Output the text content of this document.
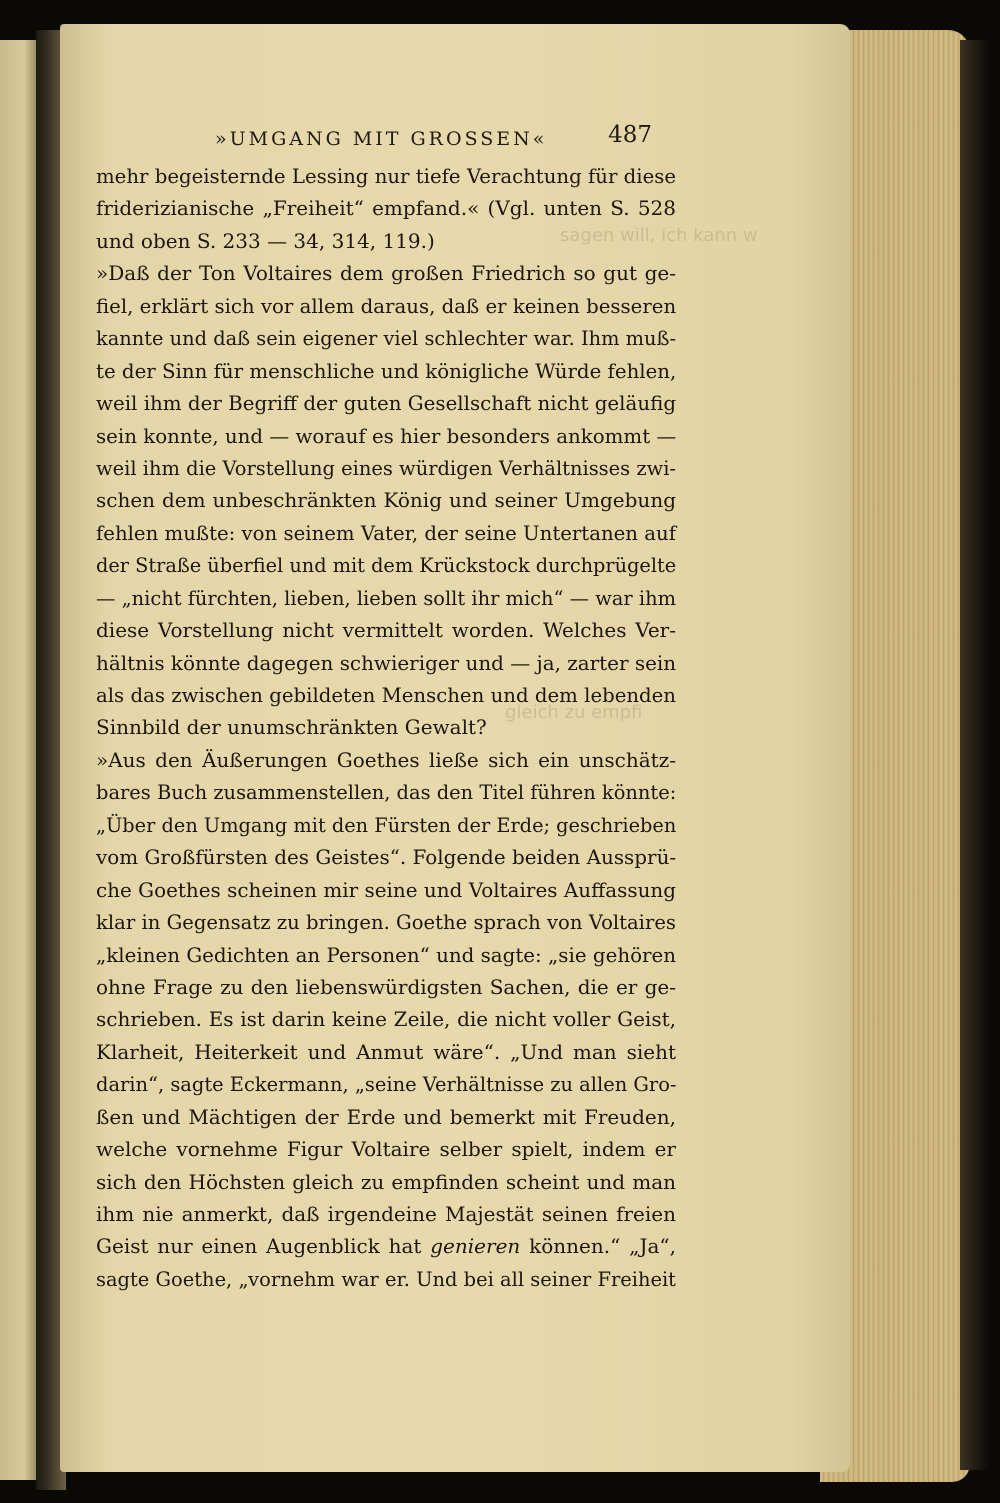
sagen will, ich kann w
gleich zu empfi
»UMGANG MIT GROSSEN«	487
mehr begeisternde Lessing nur tiefe Verachtung für diese
friderizianische „Freiheit“ empfand.« (Vgl. unten S. 528
und oben S. 233 — 34, 314, 119.)
»Daß der Ton Voltaires dem großen Friedrich so gut ge-
fiel, erklärt sich vor allem daraus, daß er keinen besseren
kannte und daß sein eigener viel schlechter war. Ihm muß-
te der Sinn für menschliche und königliche Würde fehlen,
weil ihm der Begriff der guten Gesellschaft nicht geläufig
sein konnte, und — worauf es hier besonders ankommt —
weil ihm die Vorstellung eines würdigen Verhältnisses zwi-
schen dem unbeschränkten König und seiner Umgebung
fehlen mußte: von seinem Vater, der seine Untertanen auf
der Straße überfiel und mit dem Krückstock durchprügelte
— „nicht fürchten, lieben, lieben sollt ihr mich“ — war ihm
diese Vorstellung nicht vermittelt worden. Welches Ver-
hältnis könnte dagegen schwieriger und — ja, zarter sein
als das zwischen gebildeten Menschen und dem lebenden
Sinnbild der unumschränkten Gewalt?
»Aus den Äußerungen Goethes ließe sich ein unschätz-
bares Buch zusammenstellen, das den Titel führen könnte:
„Über den Umgang mit den Fürsten der Erde; geschrieben
vom Großfürsten des Geistes“. Folgende beiden Aussprü-
che Goethes scheinen mir seine und Voltaires Auffassung
klar in Gegensatz zu bringen. Goethe sprach von Voltaires
„kleinen Gedichten an Personen“ und sagte: „sie gehören
ohne Frage zu den liebenswürdigsten Sachen, die er ge-
schrieben. Es ist darin keine Zeile, die nicht voller Geist,
Klarheit, Heiterkeit und Anmut wäre“. „Und man sieht
darin“, sagte Eckermann, „seine Verhältnisse zu allen Gro-
ßen und Mächtigen der Erde und bemerkt mit Freuden,
welche vornehme Figur Voltaire selber spielt, indem er
sich den Höchsten gleich zu empfinden scheint und man
ihm nie anmerkt, daß irgendeine Majestät seinen freien
Geist nur einen Augenblick hat genieren können.“ „Ja“,
sagte Goethe, „vornehm war er. Und bei all seiner Freiheit
